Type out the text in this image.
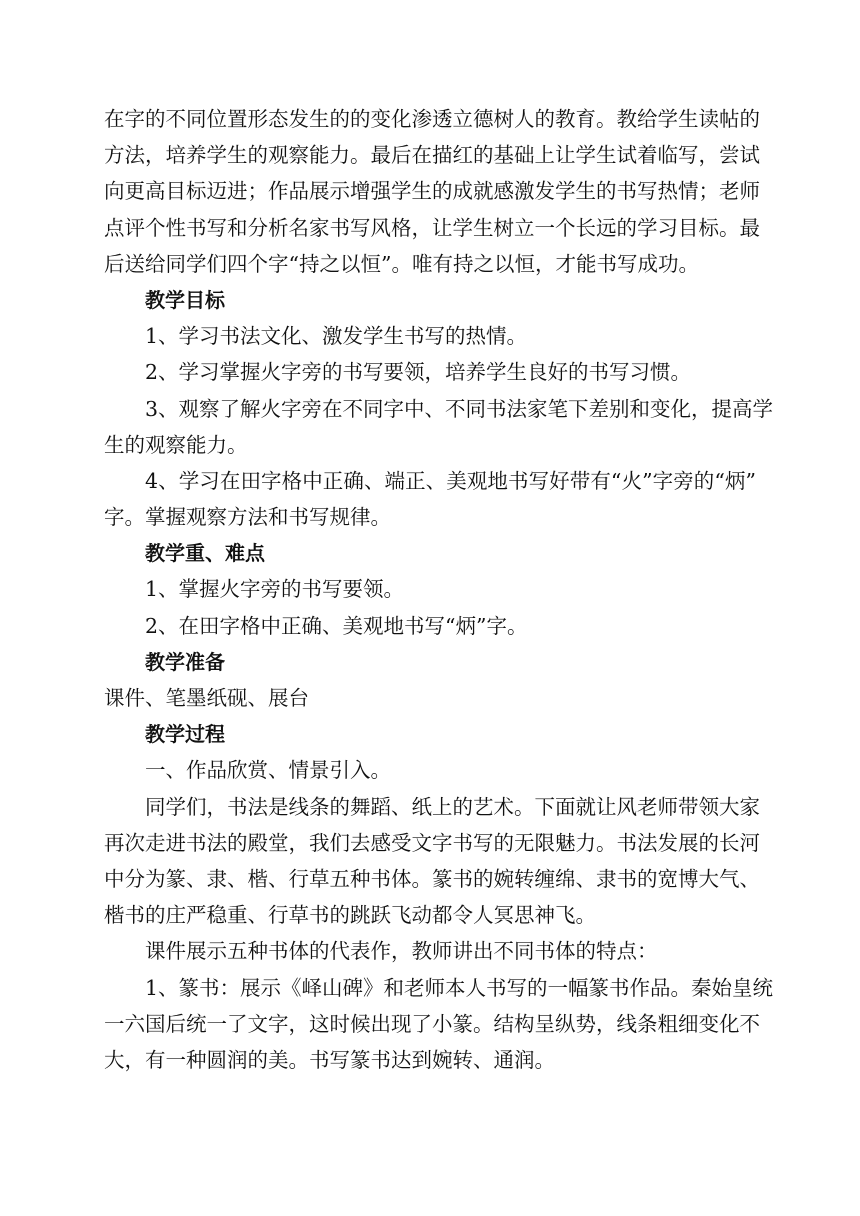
在字的不同位置形态发生的的变化渗透立德树人的教育。教给学生读帖的
方法，培养学生的观察能力。最后在描红的基础上让学生试着临写，尝试
向更高目标迈进；作品展示增强学生的成就感激发学生的书写热情；老师
点评个性书写和分析名家书写风格，让学生树立一个长远的学习目标。最
后送给同学们四个字“持之以恒”。唯有持之以恒，才能书写成功。
教学目标
1、学习书法文化、激发学生书写的热情。
2、学习掌握火字旁的书写要领，培养学生良好的书写习惯。
3、观察了解火字旁在不同字中、不同书法家笔下差别和变化，提高学
生的观察能力。
4、学习在田字格中正确、端正、美观地书写好带有“火”字旁的“炳”
字。掌握观察方法和书写规律。
教学重、难点
1、掌握火字旁的书写要领。
2、在田字格中正确、美观地书写“炳”字。
教学准备
课件、笔墨纸砚、展台
教学过程
一、作品欣赏、情景引入。
同学们，书法是线条的舞蹈、纸上的艺术。下面就让风老师带领大家
再次走进书法的殿堂，我们去感受文字书写的无限魅力。书法发展的长河
中分为篆、隶、楷、行草五种书体。篆书的婉转缠绵、隶书的宽博大气、
楷书的庄严稳重、行草书的跳跃飞动都令人冥思神飞。
课件展示五种书体的代表作，教师讲出不同书体的特点：
1、篆书：展示《峄山碑》和老师本人书写的一幅篆书作品。秦始皇统
一六国后统一了文字，这时候出现了小篆。结构呈纵势，线条粗细变化不
大，有一种圆润的美。书写篆书达到婉转、通润。
